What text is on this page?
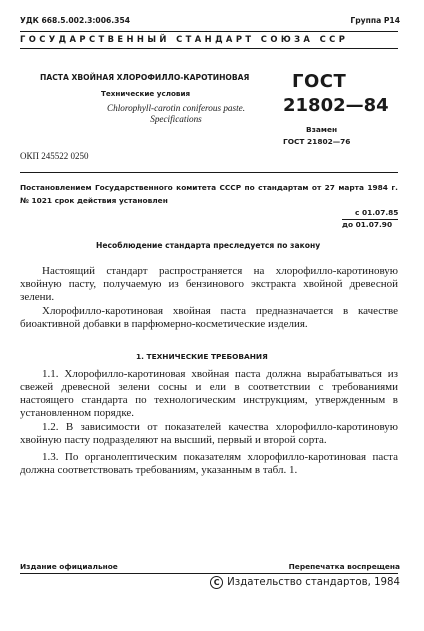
УДК 668.5.002.3:006.354	Группа Р14
ГОСУДАРСТВЕННЫЙ СТАНДАРТ СОЮЗА ССР
ПАСТА ХВОЙНАЯ ХЛОРОФИЛЛО-КАРОТИНОВАЯ
Технические условия
Chlorophyll-carotin coniferous paste. Specifications
ГОСТ
21802—84
Взамен
ГОСТ 21802—76
ОКП 245522 0250
Постановлением Государственного комитета СССР по стандартам от 27 марта 1984 г. № 1021 срок действия установлен
с 01.07.85
до 01.07.90
Несоблюдение стандарта преследуется по закону
Настоящий стандарт распространяется на хлорофилло-каротиновую хвойную пасту, получаемую из бензинового экстракта хвойной древесной зелени.
Хлорофилло-каротиновая хвойная паста предназначается в качестве биоактивной добавки в парфюмерно-косметические изделия.
1. ТЕХНИЧЕСКИЕ ТРЕБОВАНИЯ
1.1. Хлорофилло-каротиновая хвойная паста должна вырабатываться из свежей древесной зелени сосны и ели в соответствии с требованиями настоящего стандарта по технологическим инструкциям, утвержденным в установленном порядке.
1.2. В зависимости от показателей качества хлорофилло-каротиновую хвойную пасту подразделяют на высший, первый и второй сорта.
1.3. По органолептическим показателям хлорофилло-каротиновая паста должна соответствовать требованиям, указанным в табл. 1.
Издание официальное	Перепечатка воспрещена
C Издательство стандартов, 1984
